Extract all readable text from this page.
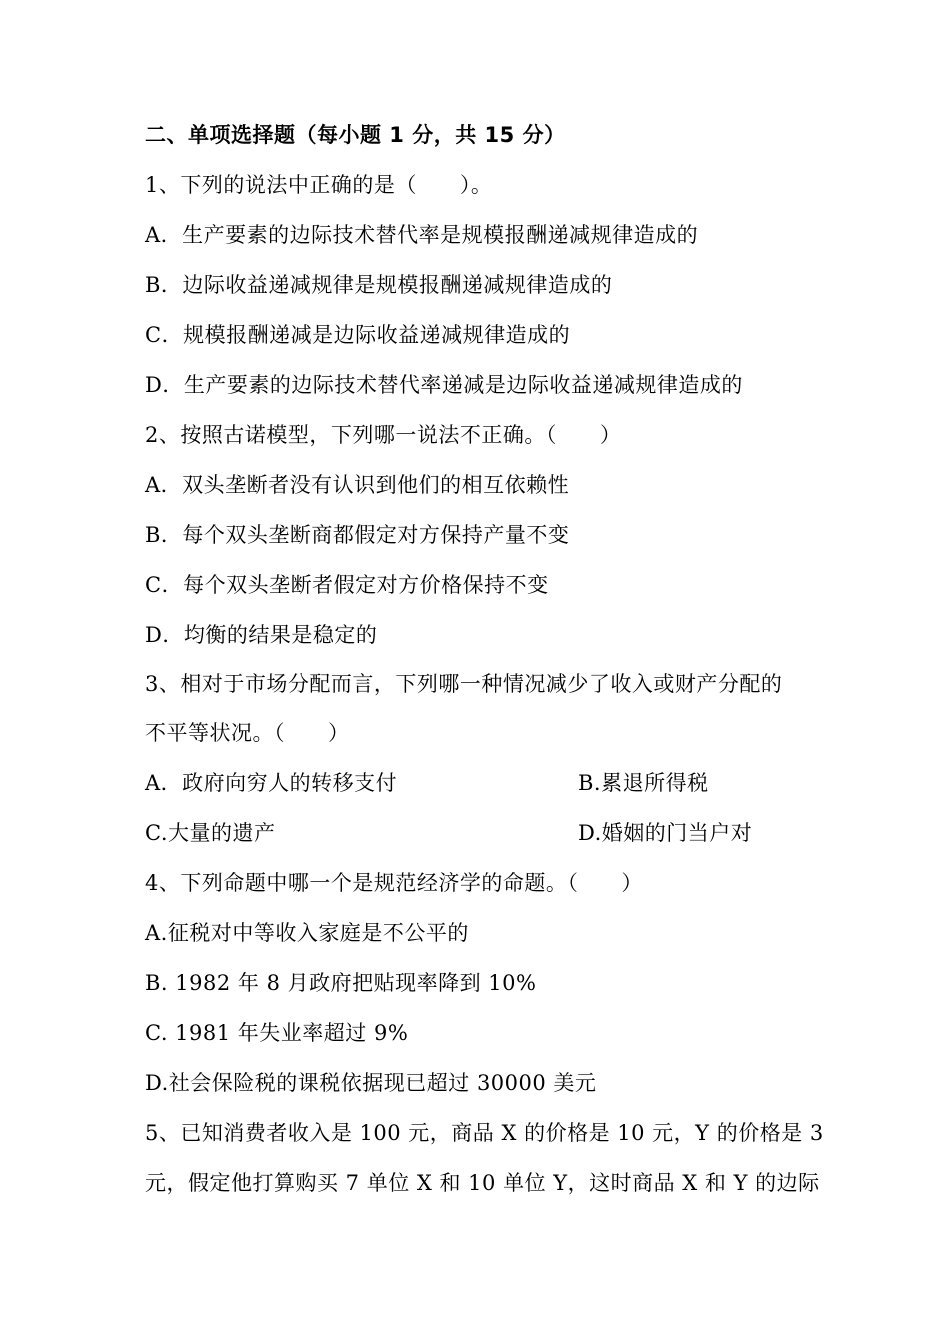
二、单项选择题（每小题 1 分，共 15 分）
1、下列的说法中正确的是（　　）。
A．生产要素的边际技术替代率是规模报酬递减规律造成的
B．边际收益递减规律是规模报酬递减规律造成的
C．规模报酬递减是边际收益递减规律造成的
D．生产要素的边际技术替代率递减是边际收益递减规律造成的
2、按照古诺模型，下列哪一说法不正确。（　　）
A．双头垄断者没有认识到他们的相互依赖性
B．每个双头垄断商都假定对方保持产量不变
C．每个双头垄断者假定对方价格保持不变
D．均衡的结果是稳定的
3、相对于市场分配而言，下列哪一种情况减少了收入或财产分配的
不平等状况。（　　）
A．政府向穷人的转移支付	B.累退所得税
C.大量的遗产	D.婚姻的门当户对
4、下列命题中哪一个是规范经济学的命题。（　　）
A.征税对中等收入家庭是不公平的
B. 1982 年 8 月政府把贴现率降到 10%
C. 1981 年失业率超过 9%
D.社会保险税的课税依据现已超过 30000 美元
5、已知消费者收入是 100 元，商品 X 的价格是 10 元，Y 的价格是 3
元，假定他打算购买 7 单位 X 和 10 单位 Y，这时商品 X 和 Y 的边际
